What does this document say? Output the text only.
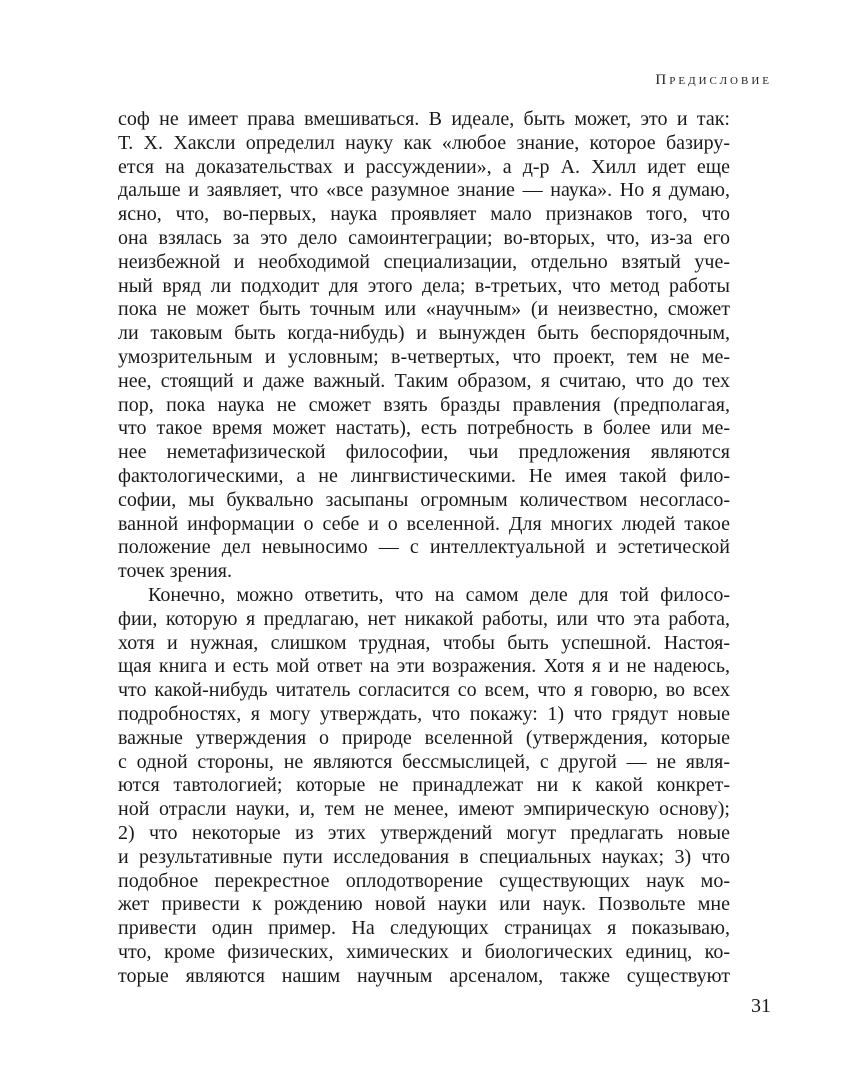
Предисловие
соф не имеет права вмешиваться. В идеале, быть может, это и так:
Т. Х. Хаксли определил науку как «любое знание, которое базиру-
ется на доказательствах и рассуждении», а д-р А. Хилл идет еще
дальше и заявляет, что «все разумное знание — наука». Но я думаю,
ясно, что, во-первых, наука проявляет мало признаков того, что
она взялась за это дело самоинтеграции; во-вторых, что, из-за его
неизбежной и необходимой специализации, отдельно взятый уче-
ный вряд ли подходит для этого дела; в-третьих, что метод работы
пока не может быть точным или «научным» (и неизвестно, сможет
ли таковым быть когда-нибудь) и вынужден быть беспорядочным,
умозрительным и условным; в-четвертых, что проект, тем не ме-
нее, стоящий и даже важный. Таким образом, я считаю, что до тех
пор, пока наука не сможет взять бразды правления (предполагая,
что такое время может настать), есть потребность в более или ме-
нее неметафизической философии, чьи предложения являются
фактологическими, а не лингвистическими. Не имея такой фило-
софии, мы буквально засыпаны огромным количеством несогласо-
ванной информации о себе и о вселенной. Для многих людей такое
положение дел невыносимо — с интеллектуальной и эстетической
точек зрения.
Конечно, можно ответить, что на самом деле для той филосо-
фии, которую я предлагаю, нет никакой работы, или что эта работа,
хотя и нужная, слишком трудная, чтобы быть успешной. Настоя-
щая книга и есть мой ответ на эти возражения. Хотя я и не надеюсь,
что какой-нибудь читатель согласится со всем, что я говорю, во всех
подробностях, я могу утверждать, что покажу: 1) что грядут новые
важные утверждения о природе вселенной (утверждения, которые
с одной стороны, не являются бессмыслицей, с другой — не явля-
ются тавтологией; которые не принадлежат ни к какой конкрет-
ной отрасли науки, и, тем не менее, имеют эмпирическую основу);
2) что некоторые из этих утверждений могут предлагать новые
и результативные пути исследования в специальных науках; 3) что
подобное перекрестное оплодотворение существующих наук мо-
жет привести к рождению новой науки или наук. Позвольте мне
привести один пример. На следующих страницах я показываю,
что, кроме физических, химических и биологических единиц, ко-
торые являются нашим научным арсеналом, также существуют
31
